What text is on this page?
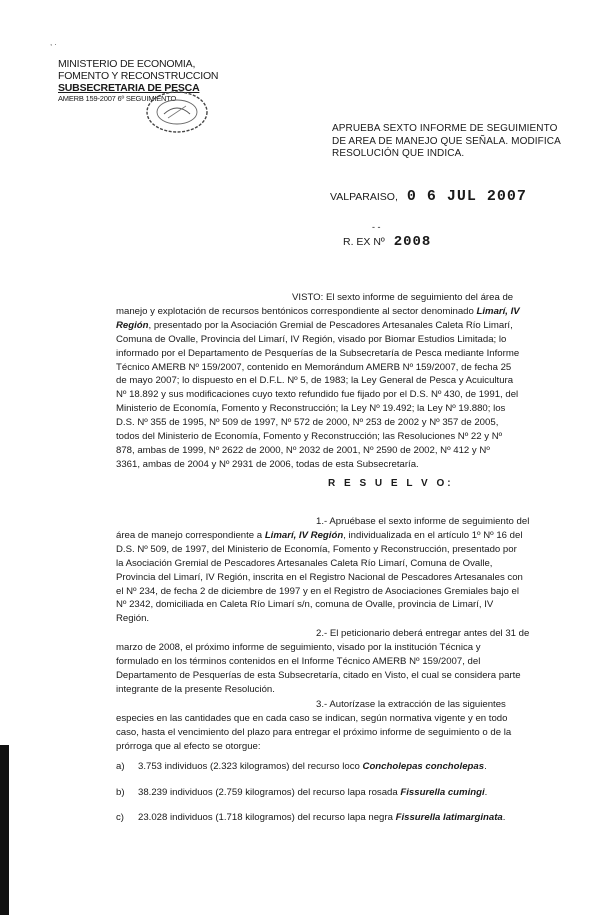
, .
MINISTERIO DE ECONOMIA,
FOMENTO Y RECONSTRUCCION
SUBSECRETARIA DE PESCA
AMERB 159-2007 6º SEGUIMIENTO
APRUEBA SEXTO INFORME DE SEGUIMIENTO
DE AREA DE MANEJO QUE SEÑALA. MODIFICA
RESOLUCIÓN QUE INDICA.
VALPARAISO, 0 6 JUL 2007
- -
R. EX Nº 2008
VISTO: El sexto informe de seguimiento del área de
manejo y explotación de recursos bentónicos correspondiente al sector denominado Limarí, IV
Región, presentado por la Asociación Gremial de Pescadores Artesanales Caleta Río Limarí,
Comuna de Ovalle, Provincia del Limarí, IV Región, visado por Biomar Estudios Limitada; lo
informado por el Departamento de Pesquerías de la Subsecretaría de Pesca mediante Informe
Técnico AMERB Nº 159/2007, contenido en Memorándum AMERB Nº 159/2007, de fecha 25
de mayo 2007; lo dispuesto en el D.F.L. Nº 5, de 1983; la Ley General de Pesca y Acuicultura
Nº 18.892 y sus modificaciones cuyo texto refundido fue fijado por el D.S. Nº 430, de 1991, del
Ministerio de Economía, Fomento y Reconstrucción; la Ley Nº 19.492; la Ley Nº 19.880; los
D.S. Nº 355 de 1995, Nº 509 de 1997, Nº 572 de 2000, Nº 253 de 2002 y Nº 357 de 2005,
todos del Ministerio de Economía, Fomento y Reconstrucción; las Resoluciones Nº 22 y Nº
878, ambas de 1999, Nº 2622 de 2000, Nº 2032 de 2001, Nº 2590 de 2002, Nº 412 y Nº
3361, ambas de 2004 y Nº 2931 de 2006, todas de esta Subsecretaría.
R E S U E L V O:
1.- Apruébase el sexto informe de seguimiento del
área de manejo correspondiente a Limarí, IV Región, individualizada en el artículo 1º Nº 16 del
D.S. Nº 509, de 1997, del Ministerio de Economía, Fomento y Reconstrucción, presentado por
la Asociación Gremial de Pescadores Artesanales Caleta Río Limarí, Comuna de Ovalle,
Provincia del Limarí, IV Región, inscrita en el Registro Nacional de Pescadores Artesanales con
el Nº 234, de fecha 2 de diciembre de 1997 y en el Registro de Asociaciones Gremiales bajo el
Nº 2342, domiciliada en Caleta Río Limarí s/n, comuna de Ovalle, provincia de Limarí, IV
Región.
2.- El peticionario deberá entregar antes del 31 de
marzo de 2008, el próximo informe de seguimiento, visado por la institución Técnica y
formulado en los términos contenidos en el Informe Técnico AMERB Nº 159/2007, del
Departamento de Pesquerías de esta Subsecretaría, citado en Visto, el cual se considera parte
integrante de la presente Resolución.
3.- Autorízase la extracción de las siguientes
especies en las cantidades que en cada caso se indican, según normativa vigente y en todo
caso, hasta el vencimiento del plazo para entregar el próximo informe de seguimiento o de la
prórroga que al efecto se otorgue:
a) 3.753 individuos (2.323 kilogramos) del recurso loco Concholepas concholepas.
b) 38.239 individuos (2.759 kilogramos) del recurso lapa rosada Fissurella cumingi.
c) 23.028 individuos (1.718 kilogramos) del recurso lapa negra Fissurella latimarginata.
